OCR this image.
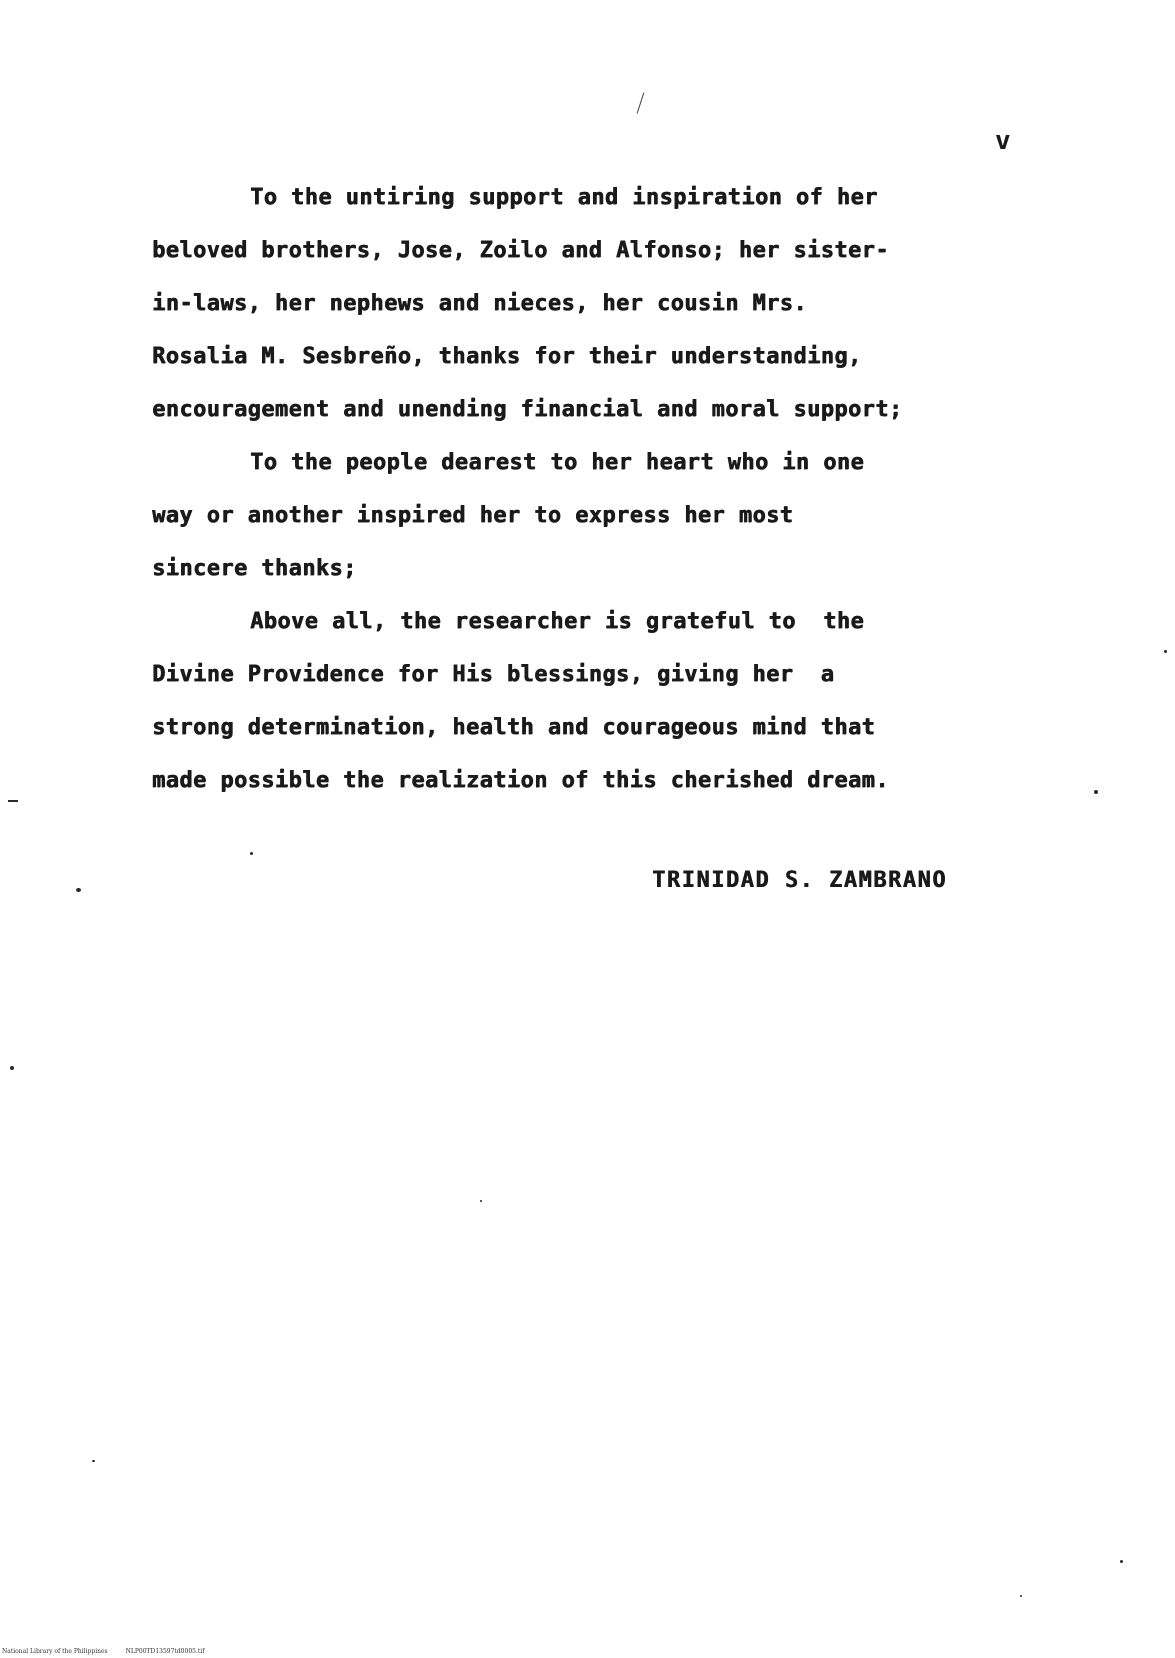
v
To the untiring support and inspiration of her
beloved brothers, Jose, Zoilo and Alfonso; her sister-
in-laws, her nephews and nieces, her cousin Mrs.
Rosalia M. Sesbreño, thanks for their understanding,
encouragement and unending financial and moral support;
To the people dearest to her heart who in one
way or another inspired her to express her most
sincere thanks;
Above all, the researcher is grateful to  the
Divine Providence for His blessings, giving her  a
strong determination, health and courageous mind that
made possible the realization of this cherished dream.
TRINIDAD S. ZAMBRANO
National Library of the Philippines	NLP00TD13597td0005.tif
